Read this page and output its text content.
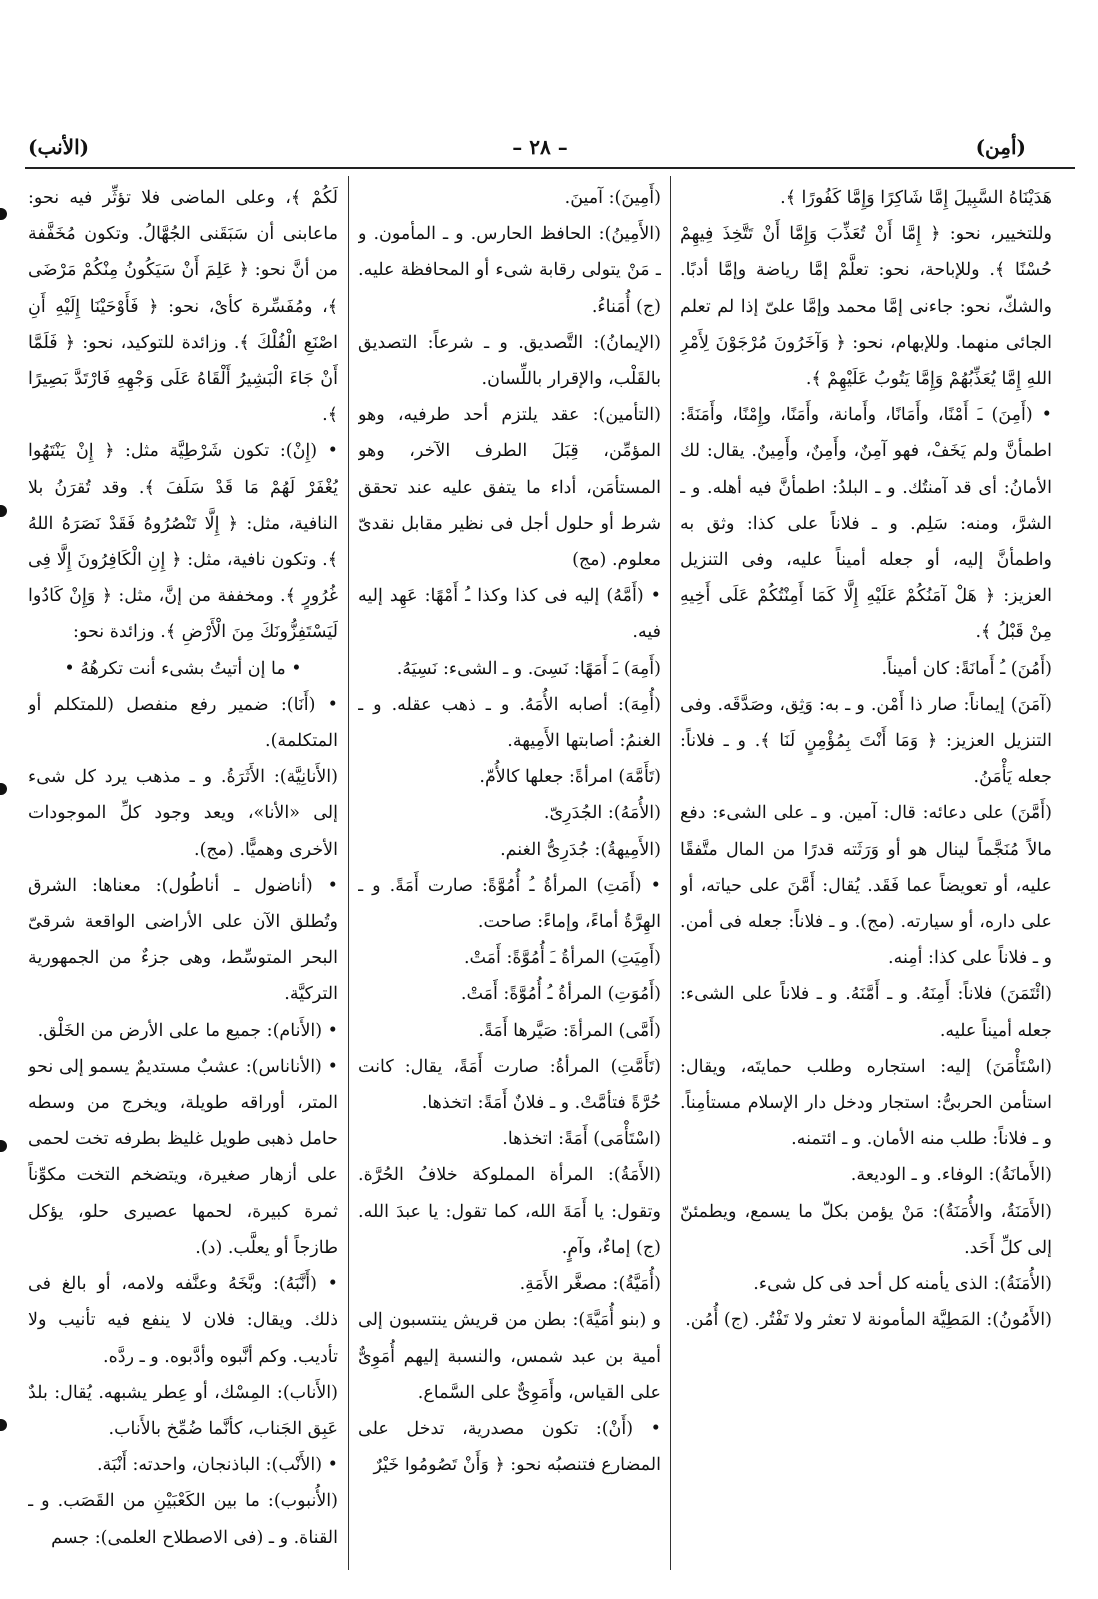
(أمِن)
– ٢٨ –
(الأنب)

هَدَيْنَاهُ السَّبِيلَ إِمَّا شَاكِرًا وَإِمَّا كَفُورًا ﴾.

وللتخيير، نحو: ﴿ إِمَّا أَنْ تُعَذِّبَ وَإِمَّا أَنْ تَتَّخِذَ فِيهِمْ حُسْنًا ﴾. وللإباحة، نحو: تعلَّمْ إمَّا رياضة وإمَّا أدبًا. والشكّ، نحو: جاءنى إمَّا محمد وإمَّا علىّ إذا لم تعلم الجائى منهما. وللإبهام، نحو: ﴿ وَآخَرُونَ مُرْجَوْنَ لِأَمْرِ اللهِ إِمَّا يُعَذِّبُهُمْ وَإِمَّا يَتُوبُ عَلَيْهِمْ ﴾.

• (أَمِنَ) ـَ أَمْنًا، وأَمَانًا، وأَمانة، وأَمَنًا، وإِمْنًا، وأَمَنَةً: اطمأنَّ ولم يَخَفْ، فهو آمِنٌ، وأَمِنٌ، وأَمِينٌ. يقال: لك الأمانُ: أى قد آمنتُك. و ـ البلدُ: اطمأنَّ فيه أهله. و ـ الشرَّ، ومنه: سَلِم. و ـ فلاناً على كذا: وثق به واطمأنَّ إليه، أو جعله أميناً عليه، وفى التنزيل العزيز: ﴿ هَلْ آمَنُكُمْ عَلَيْهِ إِلَّا كَمَا أَمِنْتُكُمْ عَلَى أَخِيهِ مِنْ قَبْلُ ﴾.

(أَمُنَ) ـُ أَمانَةً: كان أميناً.

(آمَنَ) إيماناً: صار ذا أَمْن. و ـ به: وَثِق، وصَدَّقَه. وفى التنزيل العزيز: ﴿ وَمَا أَنْتَ بِمُؤْمِنٍ لَنَا ﴾. و ـ فلاناً: جعله يَأْمَنُ.

(أَمَّنَ) على دعائه: قال: آمين. و ـ على الشىء: دفع مالاً مُنَجَّماً لينال هو أو وَرَثَته قدرًا من المال متَّفقًا عليه، أو تعويضاً عما فَقَد. يُقال: أَمَّنَ على حياته، أو على داره، أو سيارته. (مج). و ـ فلاناً: جعله فى أمن. و ـ فلاناً على كذا: أمِنه.

(ائْتَمَنَ) فلاناً: أَمِنَهُ. و ـ أَمَّنَهُ. و ـ فلاناً على الشىء: جعله أميناً عليه.

(اسْتَأْمَنَ) إليه: استجاره وطلب حمايتَه، ويقال: استأمن الحربىُّ: استجار ودخل دار الإسلام مستأمِناً. و ـ فلاناً: طلب منه الأمان. و ـ ائتمنه.

(الأَمانَةُ): الوفاء. و ـ الوديعة.

(الأَمَنَةُ، والأُمَنَةُ): مَنْ يؤمن بكلّ ما يسمع، ويطمئنّ إلى كلِّ أَحَد.

(الأُمَنَةُ): الذى يأمنه كل أحد فى كل شىء.

(الأَمُونُ): المَطِيَّة المأمونة لا تعثر ولا تَفْتُر. (ج) أُمُن.

(أَمِينَ): آمينَ.

(الأَمِينُ): الحافظ الحارس. و ـ المأمون. و ـ مَنْ يتولى رقابة شىء أو المحافظة عليه. (ج) أُمَناءُ.

(الإيمانُ): التَّصديق. و ـ شرعاً: التصديق بالقَلْب، والإقرار باللِّسان.

(التأمين): عقد يلتزم أحد طرفيه، وهو المؤمِّن، قِبَلَ الطرف الآخر، وهو المستأمَن، أداء ما يتفق عليه عند تحقق شرط أو حلول أجل فى نظير مقابل نقدىّ معلوم. (مج)

• (أَمَّهُ) إليه فى كذا وكذا ـُ أَمْهًا: عَهِد إليه فيه.

(أَمِهَ) ـَ أَمَهًا: نَسِىَ. و ـ الشىء: نَسِيَهُ.

(أُمِهَ): أصابه الأُمَهُ. و ـ ذهب عقله. و ـ الغنمُ: أصابتها الأَمِيهة.

(تَأَمَّهَ) امرأةً: جعلها كالأُمّ.

(الأُمَهُ): الجُدَرِىّ.

(الأَمِيهةُ): جُدَرِىُّ الغنم.

• (أَمَتِ) المرأةُ ـُ أُمُوَّةً: صارت أَمَةً. و ـ الهِرَّةُ أماءً، وإماءً: صاحت.

(أَمِيَتِ) المرأةُ ـَ أُمُوَّةً: أَمَتْ.

(أَمُوَتِ) المرأةُ ـُ أُمُوَّةً: أَمَتْ.

(أَمَّى) المرأةَ: صَيَّرها أَمَةً.

(تَأَمَّتِ) المرأةُ: صارت أَمَةً، يقال: كانت حُرَّةً فتأمَّتْ. و ـ فلانٌ أَمَةً: اتخذها.

(اسْتَأْمَى) أَمَةً: اتخذها.

(الأَمَةُ): المرأة المملوكة خلافُ الحُرَّة. وتقول: يا أَمَةَ الله، كما تقول: يا عبدَ الله. (ج) إماءٌ، وآمٍ.

(أُمَيَّةُ): مصغَّر الأَمَةِ.

و (بنو أُمَيَّةَ): بطن من قريش ينتسبون إلى أمية بن عبد شمس، والنسبة إليهم أُمَوِىٌّ على القياس، وأَمَوِىٌّ على السَّماع.

• (أَنْ): تكون مصدرية، تدخل على المضارع فتنصبُه نحو: ﴿ وَأَنْ تَصُومُوا خَيْرٌ

لَكُمْ ﴾، وعلى الماضى فلا تؤثِّر فيه نحو: ماعابنى أن سَبَقَنى الجُهَّالُ. وتكون مُخَفَّفة من أنَّ نحو: ﴿ عَلِمَ أَنْ سَيَكُونُ مِنْكُمْ مَرْضَى ﴾، ومُفَسِّرة كأىْ، نحو: ﴿ فَأَوْحَيْنَا إِلَيْهِ أَنِ اصْنَعِ الْفُلْكَ ﴾. وزائدة للتوكيد، نحو: ﴿ فَلَمَّا أَنْ جَاءَ الْبَشِيرُ أَلْقَاهُ عَلَى وَجْهِهِ فَارْتَدَّ بَصِيرًا ﴾.

• (إِنْ): تكون شَرْطِيَّة مثل: ﴿ إِنْ يَنْتَهُوا يُغْفَرْ لَهُمْ مَا قَدْ سَلَفَ ﴾. وقد تُقرَنُ بلا النافية، مثل: ﴿ إِلَّا تَنْصُرُوهُ فَقَدْ نَصَرَهُ اللهُ ﴾. وتكون نافية، مثل: ﴿ إِنِ الْكَافِرُونَ إِلَّا فِى غُرُورٍ ﴾. ومخففة من إنَّ، مثل: ﴿ وَإِنْ كَادُوا لَيَسْتَفِزُّونَكَ مِنَ الْأَرْضِ ﴾. وزائدة نحو:

• ما إن أتيتُ بشىء أنت تكرهُهُ •

• (أَنَا): ضمير رفع منفصل (للمتكلم أو المتكلمة).

(الأَنانِيَّة): الأَثَرَةُ. و ـ مذهب يرد كل شىء إلى «الأنا»، ويعد وجود كلِّ الموجودات الأخرى وهميًّا. (مج).

• (أناضول ـ أناطُول): معناها: الشرق وتُطلق الآن على الأراضى الواقعة شرقىّ البحر المتوسِّط، وهى جزءٌ من الجمهورية التركيَّة.

• (الأَنام): جميع ما على الأرض من الخَلْق.

• (الأناناس): عشبٌ مستديمٌ يسمو إلى نحو المتر، أوراقه طويلة، ويخرج من وسطه حامل ذهبى طويل غليظ بطرفه تخت لحمى على أزهار صغيرة، ويتضخم التخت مكوِّناً ثمرة كبيرة، لحمها عصيرى حلو، يؤكل طازجاً أو يعلَّب. (د).

• (أَنَّبَهُ): وبَّخَهُ وعنَّفه ولامه، أو بالغ فى ذلك. ويقال: فلان لا ينفع فيه تأنيب ولا تأديب. وكم أنَّبوه وأدَّبوه. و ـ ردَّه.

(الأَناب): المِسْك، أو عِطر يشبهه. يُقال: بلدٌ عَبِق الجَناب، كأنَّما ضُمِّخ بالأَناب.

• (الأَنْب): الباذنجان، واحدته: أَنْبَة.

(الأُنبوب): ما بين الكَعْبَيْنِ من القَصَب. و ـ القناة. و ـ (فى الاصطلاح العلمى): جسم
